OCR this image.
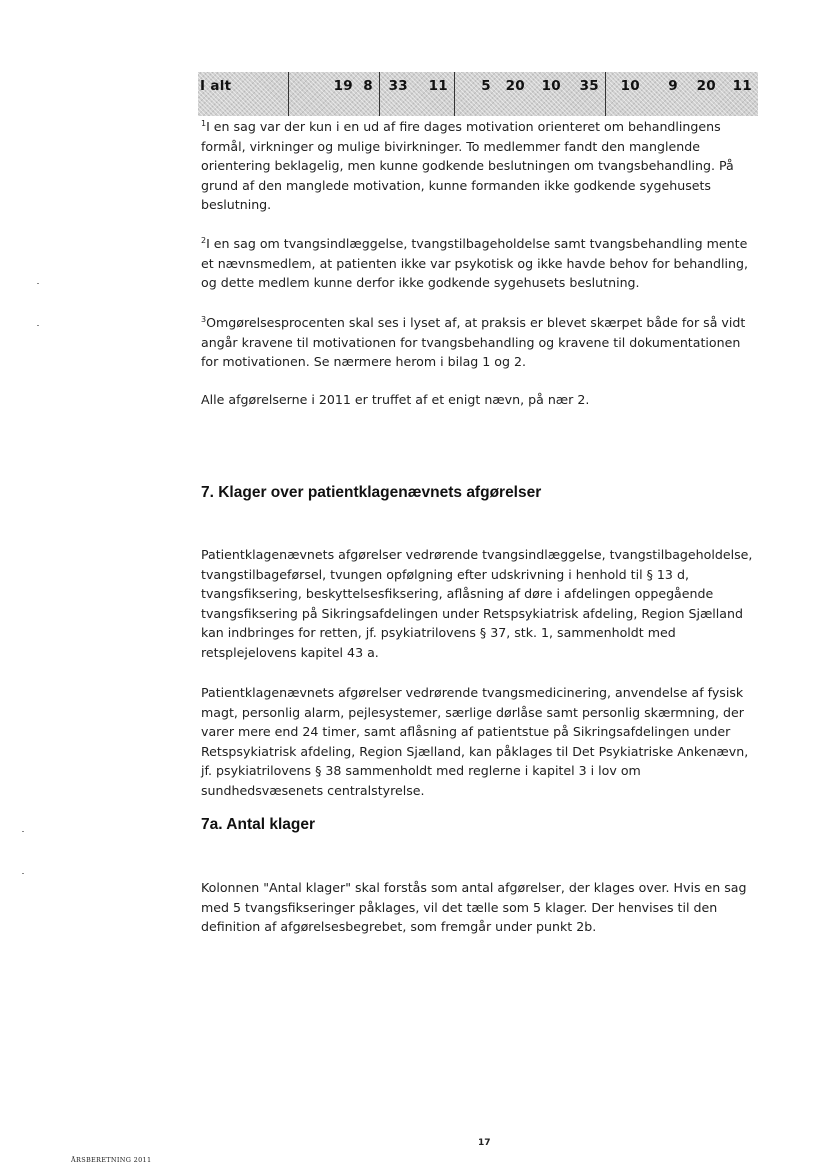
I alt	19 8	33	11	5	20	10	35	10	9	20	11

$^1$I en sag var der kun i en ud af fire dages motivation orienteret om behandlingens formål, virkninger og mulige bivirkninger. To medlemmer fandt den manglende orientering beklagelig, men kunne godkende beslutningen om tvangsbehandling. På grund af den manglede motivation, kunne formanden ikke godkende sygehusets beslutning.

$^2$I en sag om tvangsindlæggelse, tvangstilbageholdelse samt tvangsbehandling mente et nævnsmedlem, at patienten ikke var psykotisk og ikke havde behov for behandling, og dette medlem kunne derfor ikke godkende sygehusets beslutning.

$^3$Omgørelsesprocenten skal ses i lyset af, at praksis er blevet skærpet både for så vidt angår kravene til motivationen for tvangsbehandling og kravene til dokumentationen for motivationen. Se nærmere herom i bilag 1 og 2.

Alle afgørelserne i 2011 er truffet af et enigt nævn, på nær 2.

7. Klager over patientklagenævnets afgørelser

Patientklagenævnets afgørelser vedrørende tvangsindlæggelse, tvangstilbageholdelse, tvangstilbageførsel, tvungen opfølgning efter udskrivning i henhold til § 13 d, tvangsfiksering, beskyttelsesfiksering, aflåsning af døre i afdelingen oppegående tvangsfiksering på Sikringsafdelingen under Retspsykiatrisk afdeling, Region Sjælland kan indbringes for retten, jf. psykiatrilovens § 37, stk. 1, sammenholdt med retsplejelovens kapitel 43 a.

Patientklagenævnets afgørelser vedrørende tvangsmedicinering, anvendelse af fysisk magt, personlig alarm, pejlesystemer, særlige dørlåse samt personlig skærmning, der varer mere end 24 timer, samt aflåsning af patientstue på Sikringsafdelingen under Retspsykiatrisk afdeling, Region Sjælland, kan påklages til Det Psykiatriske Ankenævn, jf. psykiatrilovens § 38 sammenholdt med reglerne i kapitel 3 i lov om sundhedsvæsenets centralstyrelse.

7a. Antal klager

Kolonnen "Antal klager" skal forstås som antal afgørelser, der klages over. Hvis en sag med 5 tvangsfikseringer påklages, vil det tælle som 5 klager. Der henvises til den definition af afgørelsesbegrebet, som fremgår under punkt 2b.

17
ÅRSBERETNING 2011
